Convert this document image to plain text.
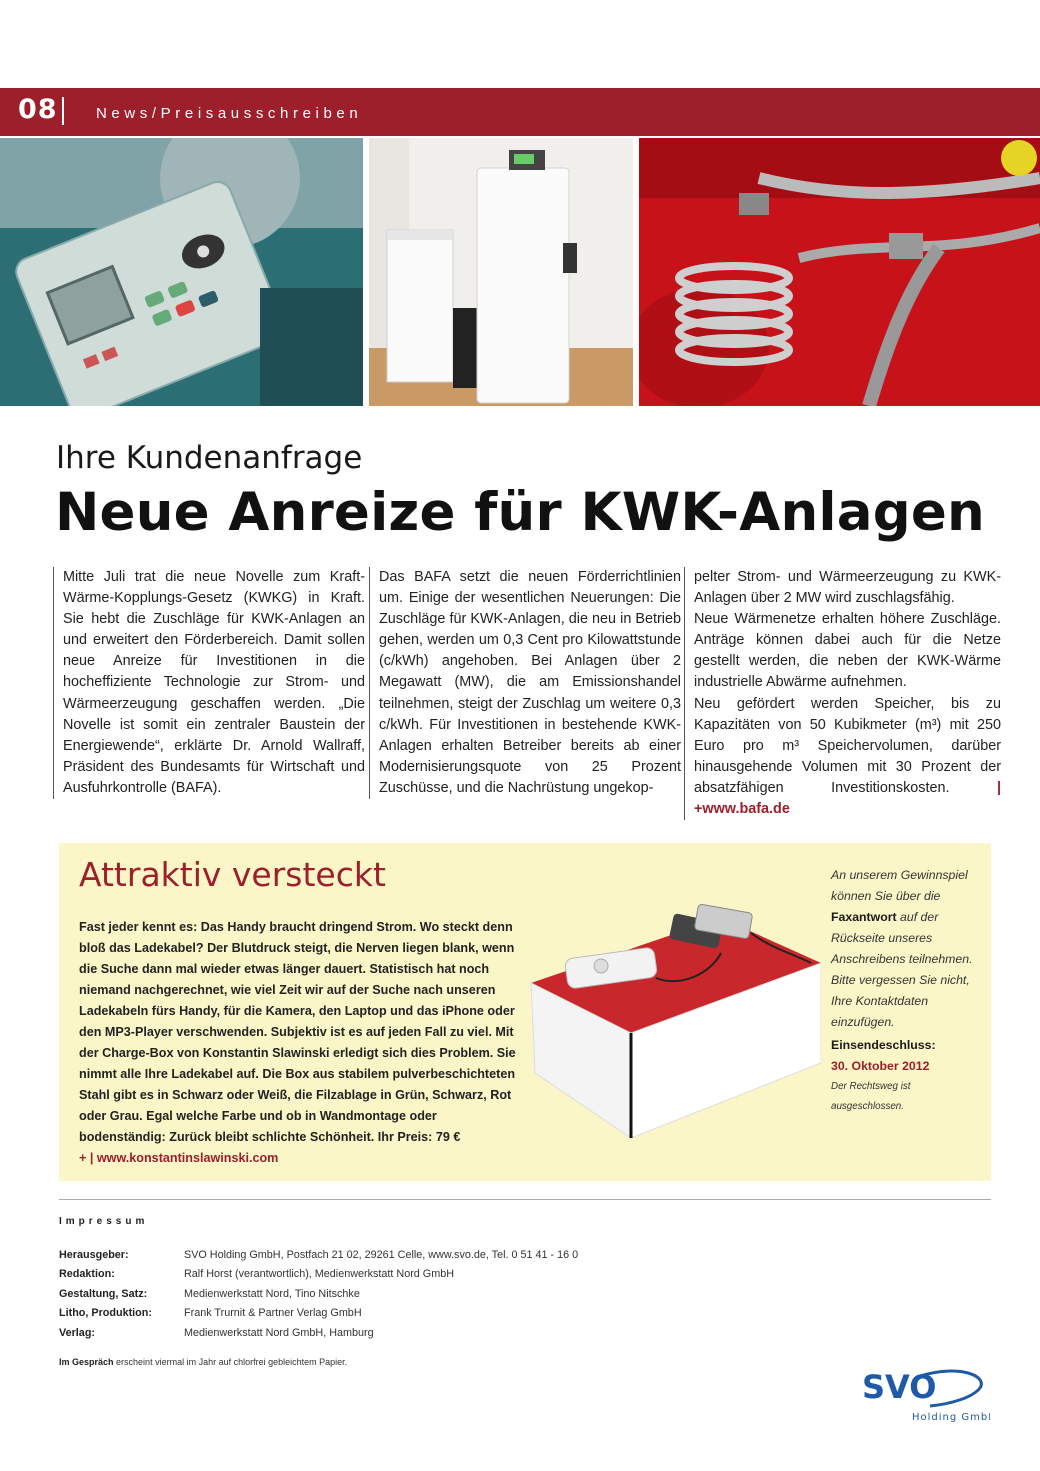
08	News/Preisausschreiben
Ihre Kundenanfrage
Neue Anreize für KWK-Anlagen

Mitte Juli trat die neue Novelle zum Kraft-Wärme-Kopplungs-Gesetz (KWKG) in Kraft. Sie hebt die Zuschläge für KWK-Anlagen an und erweitert den Förderbereich. Damit sollen neue Anreize für Investitionen in die hocheffiziente Technologie zur Strom- und Wärmeerzeugung geschaffen werden. „Die Novelle ist somit ein zentraler Baustein der Energiewende“, erklärte Dr. Arnold Wallraff, Präsident des Bundesamts für Wirtschaft und Ausfuhrkontrolle (BAFA).

Das BAFA setzt die neuen Förderrichtlinien um. Einige der wesentlichen Neuerungen: Die Zuschläge für KWK-Anlagen, die neu in Betrieb gehen, werden um 0,3 Cent pro Kilowattstunde (c/kWh) angehoben. Bei Anlagen über 2 Megawatt (MW), die am Emissionshandel teilnehmen, steigt der Zuschlag um weitere 0,3 c/kWh. Für Investitionen in bestehende KWK-Anlagen erhalten Betreiber bereits ab einer Modernisierungsquote von 25 Prozent Zuschüsse, und die Nachrüstung ungekop-

pelter Strom- und Wärmeerzeugung zu KWK-Anlagen über 2 MW wird zuschlagsfähig.

Neue Wärmenetze erhalten höhere Zuschläge. Anträge können dabei auch für die Netze gestellt werden, die neben der KWK-Wärme industrielle Abwärme aufnehmen.

Neu gefördert werden Speicher, bis zu Kapazitäten von 50 Kubikmeter (m³) mit 250 Euro pro m³ Speichervolumen, darüber hinausgehende Volumen mit 30 Prozent der absatzfähigen Investitionskosten.	| +www.bafa.de

Attraktiv versteckt
Fast jeder kennt es: Das Handy braucht dringend Strom. Wo steckt denn bloß das Ladekabel? Der Blutdruck steigt, die Nerven liegen blank, wenn die Suche dann mal wieder etwas länger dauert. Statistisch hat noch niemand nachgerechnet, wie viel Zeit wir auf der Suche nach unseren Ladekabeln fürs Handy, für die Kamera, den Laptop und das iPhone oder den MP3-Player verschwenden. Subjektiv ist es auf jeden Fall zu viel. Mit der Charge-Box von Konstantin Slawinski erledigt sich dies Problem. Sie nimmt alle Ihre Ladekabel auf. Die Box aus stabilem pulverbeschichteten Stahl gibt es in Schwarz oder Weiß, die Filzablage in Grün, Schwarz, Rot oder Grau. Egal welche Farbe und ob in Wandmontage oder bodenständig: Zurück bleibt schlichte Schönheit. Ihr Preis: 79 €
+ | www.konstantinslawinski.com
An unserem Gewinnspiel können Sie über die Faxantwort auf der Rückseite unseres Anschreibens teilnehmen. Bitte vergessen Sie nicht, Ihre Kontaktdaten einzufügen.
Einsendeschluss:
30. Oktober 2012
Der Rechtsweg ist ausgeschlossen.
Impressum
Herausgeber:	SVO Holding GmbH, Postfach 21 02, 29261 Celle, www.svo.de, Tel. 0 51 41 - 16 0
Redaktion:	Ralf Horst (verantwortlich), Medienwerkstatt Nord GmbH
Gestaltung, Satz:	Medienwerkstatt Nord, Tino Nitschke
Litho, Produktion:	Frank Trurnit & Partner Verlag GmbH
Verlag:	Medienwerkstatt Nord GmbH, Hamburg
Im Gespräch erscheint viermal im Jahr auf chlorfrei gebleichtem Papier.
SVO
Holding GmbH
